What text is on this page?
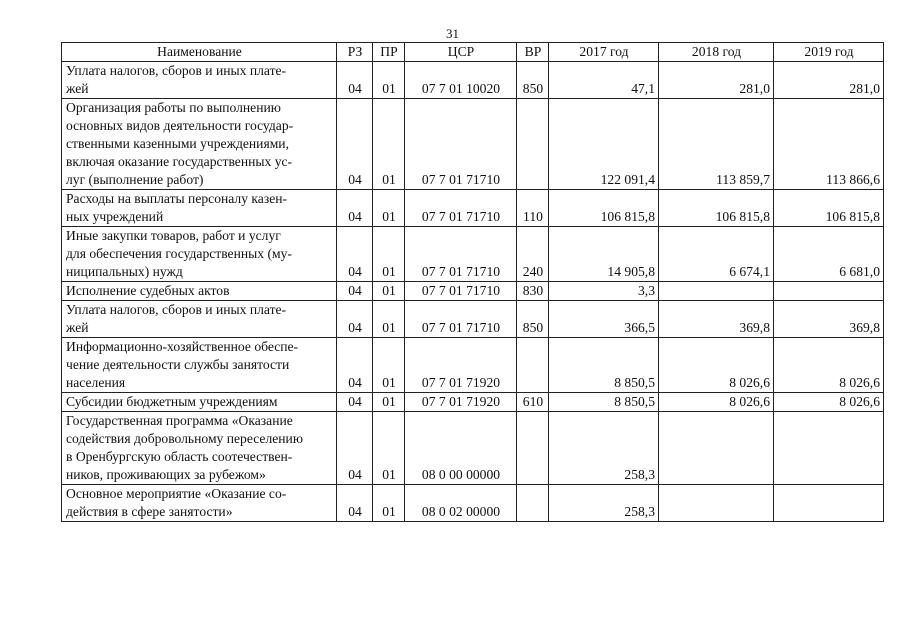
31
Наименование	РЗ	ПР	ЦСР	ВР	2017 год	2018 год	2019 год

Уплата налогов, сборов и иных плате-
жей	04	01	07 7 01 10020	850	47,1	281,0	281,0

Организация работы по выполнению
основных видов деятельности государ-
ственными казенными учреждениями,
включая оказание государственных ус-
луг (выполнение работ)	04	01	07 7 01 71710		122 091,4	113 859,7	113 866,6

Расходы на выплаты персоналу казен-
ных учреждений	04	01	07 7 01 71710	110	106 815,8	106 815,8	106 815,8

Иные закупки товаров, работ и услуг
для обеспечения государственных (му-
ниципальных) нужд	04	01	07 7 01 71710	240	14 905,8	6 674,1	6 681,0

Исполнение судебных актов	04	01	07 7 01 71710	830	3,3		

Уплата налогов, сборов и иных плате-
жей	04	01	07 7 01 71710	850	366,5	369,8	369,8

Информационно-хозяйственное обеспе-
чение деятельности службы занятости
населения	04	01	07 7 01 71920		8 850,5	8 026,6	8 026,6

Субсидии бюджетным учреждениям	04	01	07 7 01 71920	610	8 850,5	8 026,6	8 026,6

Государственная программа «Оказание
содействия добровольному переселению
в Оренбургскую область соотечествен-
ников, проживающих за рубежом»	04	01	08 0 00 00000		258,3		

Основное мероприятие «Оказание со-
действия в сфере занятости»	04	01	08 0 02 00000		258,3		
